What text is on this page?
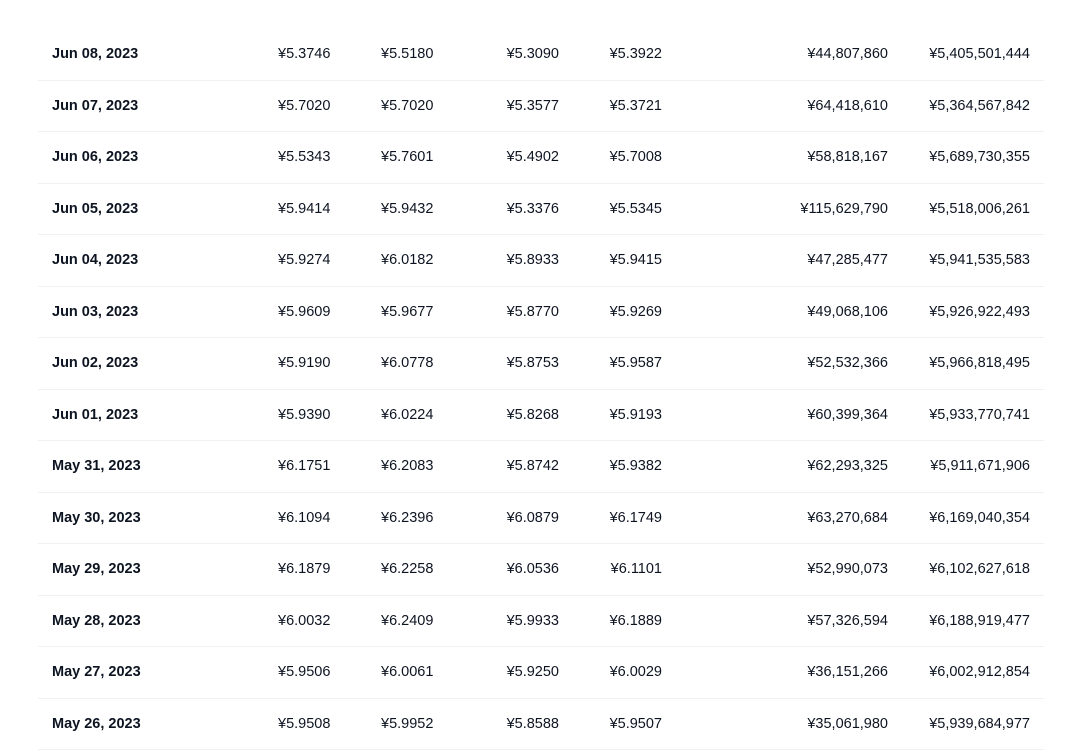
Jun 08, 2023	¥5.3746	¥5.5180	¥5.3090	¥5.3922	¥44,807,860	¥5,405,501,444
Jun 07, 2023	¥5.7020	¥5.7020	¥5.3577	¥5.3721	¥64,418,610	¥5,364,567,842
Jun 06, 2023	¥5.5343	¥5.7601	¥5.4902	¥5.7008	¥58,818,167	¥5,689,730,355
Jun 05, 2023	¥5.9414	¥5.9432	¥5.3376	¥5.5345	¥115,629,790	¥5,518,006,261
Jun 04, 2023	¥5.9274	¥6.0182	¥5.8933	¥5.9415	¥47,285,477	¥5,941,535,583
Jun 03, 2023	¥5.9609	¥5.9677	¥5.8770	¥5.9269	¥49,068,106	¥5,926,922,493
Jun 02, 2023	¥5.9190	¥6.0778	¥5.8753	¥5.9587	¥52,532,366	¥5,966,818,495
Jun 01, 2023	¥5.9390	¥6.0224	¥5.8268	¥5.9193	¥60,399,364	¥5,933,770,741
May 31, 2023	¥6.1751	¥6.2083	¥5.8742	¥5.9382	¥62,293,325	¥5,911,671,906
May 30, 2023	¥6.1094	¥6.2396	¥6.0879	¥6.1749	¥63,270,684	¥6,169,040,354
May 29, 2023	¥6.1879	¥6.2258	¥6.0536	¥6.1101	¥52,990,073	¥6,102,627,618
May 28, 2023	¥6.0032	¥6.2409	¥5.9933	¥6.1889	¥57,326,594	¥6,188,919,477
May 27, 2023	¥5.9506	¥6.0061	¥5.9250	¥6.0029	¥36,151,266	¥6,002,912,854
May 26, 2023	¥5.9508	¥5.9952	¥5.8588	¥5.9507	¥35,061,980	¥5,939,684,977
